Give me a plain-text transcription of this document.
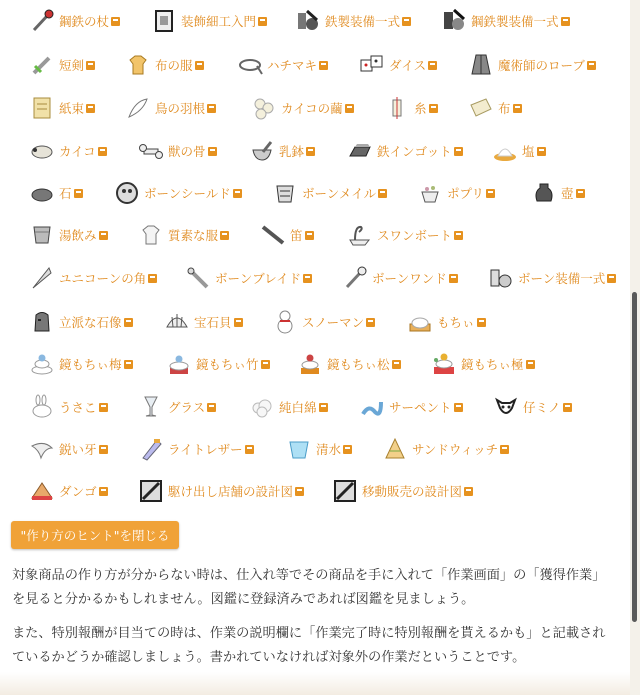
鋼鉄の杖	装飾細工入門	鉄製装備一式	鋼鉄製装備一式
短剣	布の服	ハチマキ	ダイス	魔術師のローブ
紙束	鳥の羽根	カイコの繭	糸	布
カイコ	獣の骨	乳鉢	鉄インゴット	塩
石	ボーンシールド	ボーンメイル	ポプリ	壺
湯飲み	質素な服	笛	スワンボート
ユニコーンの角	ボーンブレイド	ボーンワンド	ボーン装備一式
立派な石像	宝石貝	スノーマン	もちぃ
鏡もちぃ梅	鏡もちぃ竹	鏡もちぃ松	鏡もちぃ極
うさこ	グラス	純白綿	サーペント	仔ミノ
鋭い牙	ライトレザー	清水	サンドウィッチ
ダンゴ	駆け出し店舗の設計図	移動販売の設計図
"作り方のヒント"を閉じる

対象商品の作り方が分からない時は、仕入れ等でその商品を手に入れて「作業画面」の「獲得作業」
を見ると分かるかもしれません。図鑑に登録済みであれば図鑑を見ましょう。

また、特別報酬が目当ての時は、作業の説明欄に「作業完了時に特別報酬を貰えるかも」と記載され
ているかどうか確認しましょう。書かれていなければ対象外の作業だということです。
